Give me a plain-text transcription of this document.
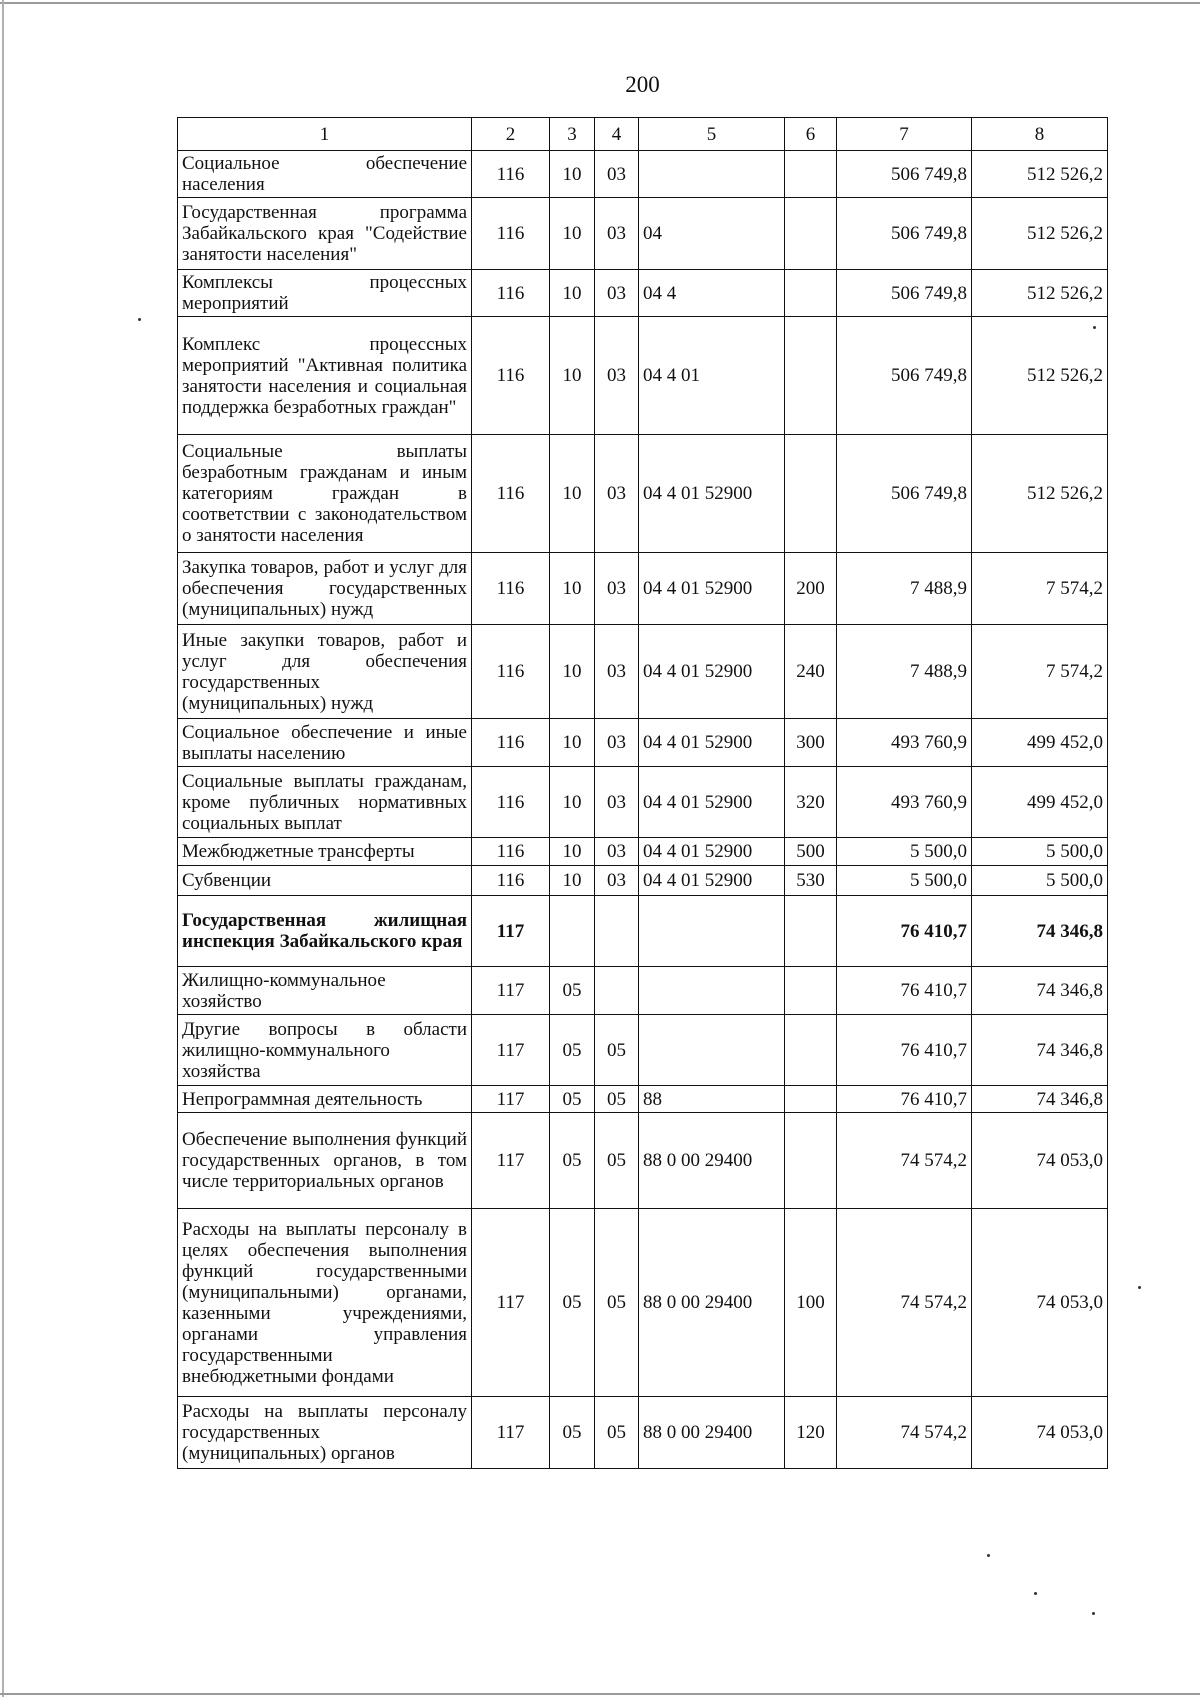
200
1	2	3	4	5	6	7	8
Социальное обеспечение населения	116	10	03			506 749,8	512 526,2
Государственная программа Забайкальского края "Содействие занятости населения"	116	10	03	04		506 749,8	512 526,2
Комплексы процессных мероприятий	116	10	03	04 4		506 749,8	512 526,2
Комплекс процессных мероприятий "Активная политика занятости населения и социальная поддержка безработных граждан"	116	10	03	04 4 01		506 749,8	512 526,2
Социальные выплаты безработным гражданам и иным категориям граждан в соответствии с законодательством о занятости населения	116	10	03	04 4 01 52900		506 749,8	512 526,2
Закупка товаров, работ и услуг для обеспечения государственных (муниципальных) нужд	116	10	03	04 4 01 52900	200	7 488,9	7 574,2
Иные закупки товаров, работ и услуг для обеспечения государственных (муниципальных) нужд	116	10	03	04 4 01 52900	240	7 488,9	7 574,2
Социальное обеспечение и иные выплаты населению	116	10	03	04 4 01 52900	300	493 760,9	499 452,0
Социальные выплаты гражданам, кроме публичных нормативных социальных выплат	116	10	03	04 4 01 52900	320	493 760,9	499 452,0
Межбюджетные трансферты	116	10	03	04 4 01 52900	500	5 500,0	5 500,0
Субвенции	116	10	03	04 4 01 52900	530	5 500,0	5 500,0
Государственная жилищная инспекция Забайкальского края	117					76 410,7	74 346,8
Жилищно-коммунальное хозяйство	117	05				76 410,7	74 346,8
Другие вопросы в области жилищно-коммунального хозяйства	117	05	05			76 410,7	74 346,8
Непрограммная деятельность	117	05	05	88		76 410,7	74 346,8
Обеспечение выполнения функций государственных органов, в том числе территориальных органов	117	05	05	88 0 00 29400		74 574,2	74 053,0
Расходы на выплаты персоналу в целях обеспечения выполнения функций государственными (муниципальными) органами, казенными учреждениями, органами управления государственными внебюджетными фондами	117	05	05	88 0 00 29400	100	74 574,2	74 053,0
Расходы на выплаты персоналу государственных (муниципальных) органов	117	05	05	88 0 00 29400	120	74 574,2	74 053,0
